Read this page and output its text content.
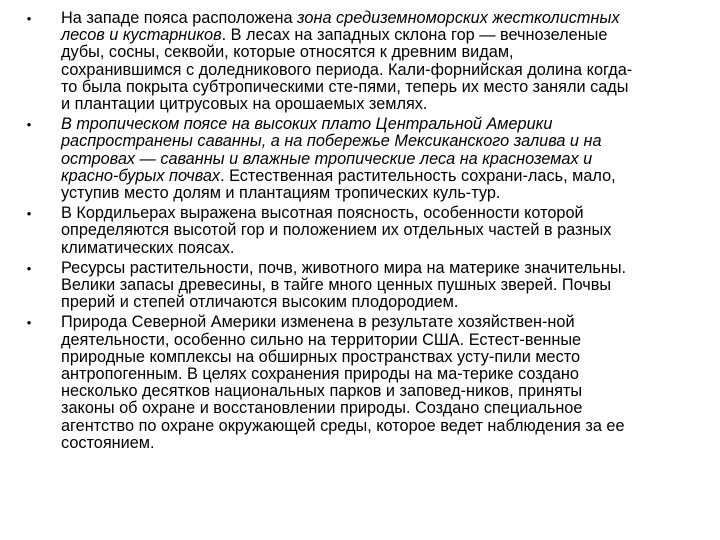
• На западе пояса расположена зона средиземноморских жестколистных
лесов и кустарников. В лесах на западных склона гор — вечнозеленые
дубы, сосны, секвойи, которые относятся к древним видам,
сохранившимся с доледникового периода. Кали-форнийская долина когда-
то была покрыта субтропическими сте-пями, теперь их место заняли сады
и плантации цитрусовых на орошаемых землях.
• В тропическом поясе на высоких плато Центральной Америки
распространены саванны, а на побережье Мексиканского залива и на
островах — саванны и влажные тропические леса на красноземах и
красно-бурых почвах. Естественная растительность сохрани-лась, мало,
уступив место долям и плантациям тропических куль-тур.
• В Кордильерах выражена высотная поясность, особенности которой
определяются высотой гор и положением их отдельных частей в разных
климатических поясах.
• Ресурсы растительности, почв, животного мира на материке значительны.
Велики запасы древесины, в тайге много ценных пушных зверей. Почвы
прерий и степей отличаются высоким плодородием.
• Природа Северной Америки изменена в результате хозяйствен-ной
деятельности, особенно сильно на территории США. Естест-венные
природные комплексы на обширных пространствах усту-пили место
антропогенным. В целях сохранения природы на ма-терике создано
несколько десятков национальных парков и заповед-ников, приняты
законы об охране и восстановлении природы. Создано специальное
агентство по охране окружающей среды, которое ведет наблюдения за ее
состоянием.
